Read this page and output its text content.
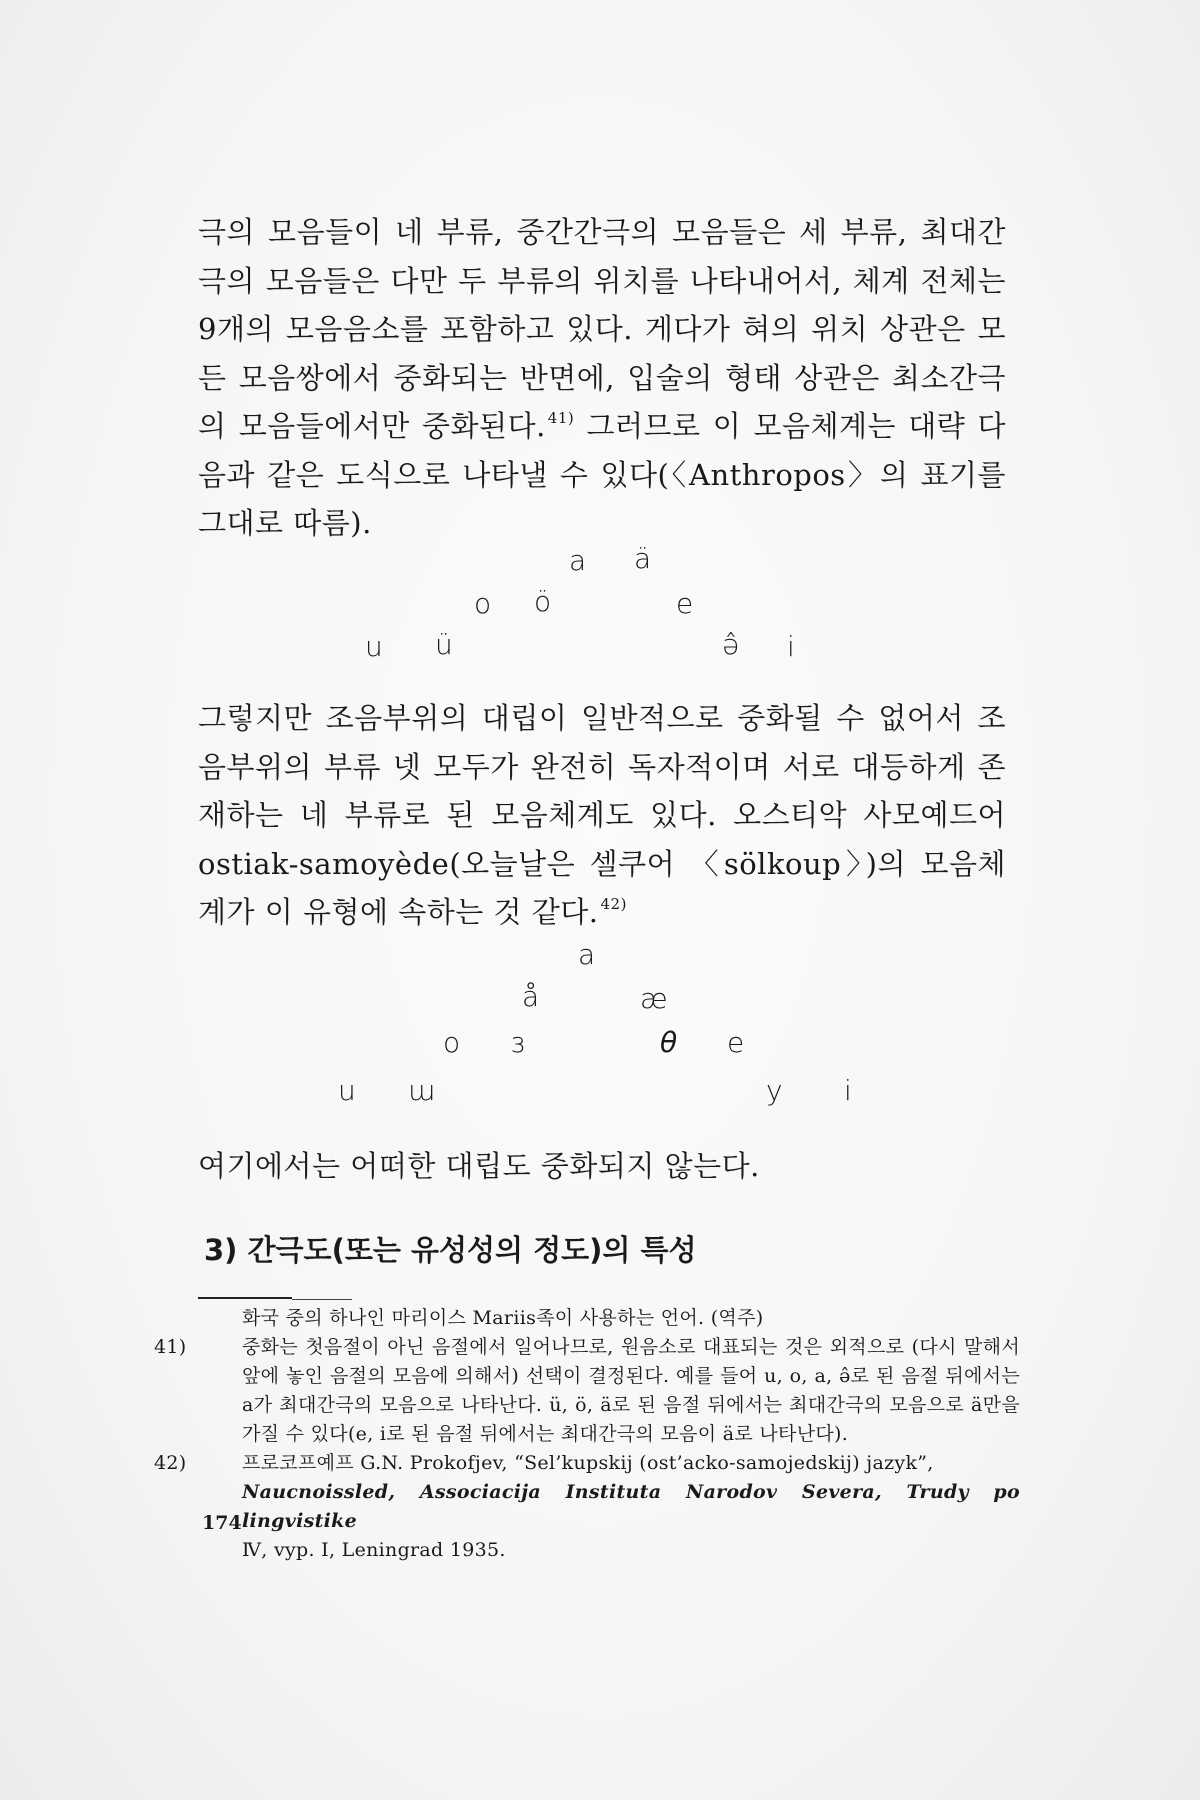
극의 모음들이 네 부류, 중간간극의 모음들은 세 부류, 최대간극의 모음들은 다만 두 부류의 위치를 나타내어서, 체계 전체는 9개의 모음음소를 포함하고 있다. 게다가 혀의 위치 상관은 모든 모음쌍에서 중화되는 반면에, 입술의 형태 상관은 최소간극의 모음들에서만 중화된다. $^{41)}$ 그러므로 이 모음체계는 대략 다음과 같은 도식으로 나타낼 수 있다(〈Anthropos〉의 표기를 그대로 따름).

a ä
o ö	e
u ü	ə̂ i

그렇지만 조음부위의 대립이 일반적으로 중화될 수 없어서 조음부위의 부류 넷 모두가 완전히 독자적이며 서로 대등하게 존재하는 네 부류로 된 모음체계도 있다. 오스티악 사모예드어 ostiak-samoyède(오늘날은 셀쿠어 〈sölkoup〉)의 모음체계가 이 유형에 속하는 것 같다. $^{42)}$

a
å	æ
o з	θ e
u ɯ	y i

여기에서는 어떠한 대립도 중화되지 않는다.

3) 간극도(또는 유성성의 정도)의 특성
화국 중의 하나인 마리이스 Mariis족이 사용하는 언어. (역주)
41)	중화는 첫음절이 아닌 음절에서 일어나므로, 원음소로 대표되는 것은 외적으로 (다시 말해서 앞에 놓인 음절의 모음에 의해서) 선택이 결정된다. 예를 들어 u, o, a, ə̂로 된 음절 뒤에서는 a가 최대간극의 모음으로 나타난다. ü, ö, ä로 된 음절 뒤에서는 최대간극의 모음으로 ä만을 가질 수 있다(e, i로 된 음절 뒤에서는 최대간극의 모음이 ä로 나타난다).
42)	프로코프예프 G.N. Prokofjev, “Sel’kupskij (ost’acko-samojedskij) jazyk”,
Naucnoissled, Associacija Instituta Narodov Severa, Trudy po lingvistike
Ⅳ, vyp. Ⅰ, Leningrad 1935.
174
